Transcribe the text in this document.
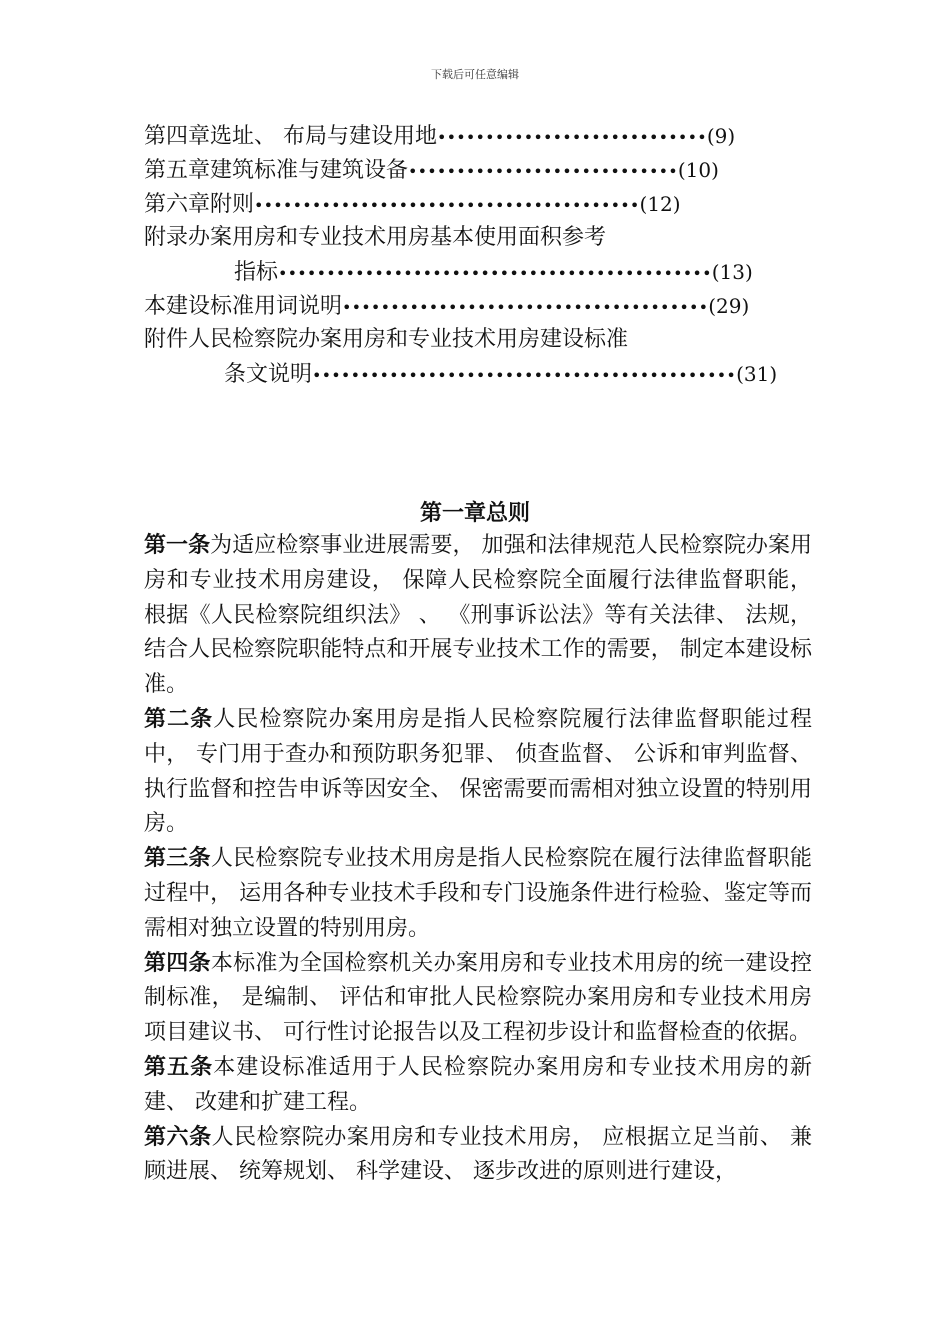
下载后可任意编辑
第四章选址、 布局与建设用地••••••••••••••••••••••••••••(9)
第五章建筑标准与建筑设备••••••••••••••••••••••••••••(10)
第六章附则••••••••••••••••••••••••••••••••••••••••(12)
附录办案用房和专业技术用房基本使用面积参考
指标•••••••••••••••••••••••••••••••••••••••••••••(13)
本建设标准用词说明••••••••••••••••••••••••••••••••••••••(29)
附件人民检察院办案用房和专业技术用房建设标准
条文说明••••••••••••••••••••••••••••••••••••••••••••(31)
第一章总则

第一条为适应检察事业进展需要， 加强和法律规范人民检察院办案用房和专业技术用房建设， 保障人民检察院全面履行法律监督职能， 根据《人民检察院组织法》 、 《刑事诉讼法》等有关法律、 法规， 结合人民检察院职能特点和开展专业技术工作的需要， 制定本建设标准。

第二条人民检察院办案用房是指人民检察院履行法律监督职能过程中， 专门用于查办和预防职务犯罪、 侦查监督、 公诉和审判监督、 执行监督和控告申诉等因安全、 保密需要而需相对独立设置的特别用房。

第三条人民检察院专业技术用房是指人民检察院在履行法律监督职能过程中， 运用各种专业技术手段和专门设施条件进行检验、鉴定等而需相对独立设置的特别用房。

第四条本标准为全国检察机关办案用房和专业技术用房的统一建设控制标准， 是编制、 评估和审批人民检察院办案用房和专业技术用房项目建议书、 可行性讨论报告以及工程初步设计和监督检查的依据。

第五条本建设标准适用于人民检察院办案用房和专业技术用房的新建、 改建和扩建工程。

第六条人民检察院办案用房和专业技术用房， 应根据立足当前、 兼顾进展、 统筹规划、 科学建设、 逐步改进的原则进行建设，
